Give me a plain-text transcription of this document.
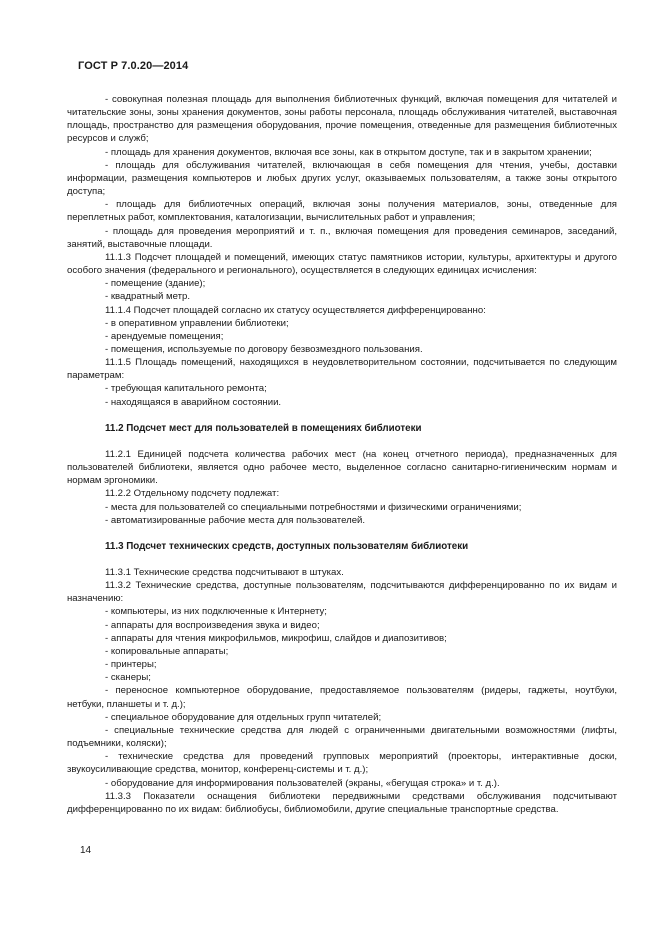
ГОСТ Р 7.0.20—2014

- совокупная полезная площадь для выполнения библиотечных функций, включая помещения для читателей и читательские зоны, зоны хранения документов, зоны работы персонала, площадь обслуживания читателей, выставочная площадь, пространство для размещения оборудования, прочие помещения, отведенные для размещения библиотечных ресурсов и служб;

- площадь для хранения документов, включая все зоны, как в открытом доступе, так и в закрытом хранении;

- площадь для обслуживания читателей, включающая в себя помещения для чтения, учебы, доставки информации, размещения компьютеров и любых других услуг, оказываемых пользователям, а также зоны открытого доступа;

- площадь для библиотечных операций, включая зоны получения материалов, зоны, отведенные для переплетных работ, комплектования, каталогизации, вычислительных работ и управления;

- площадь для проведения мероприятий и т. п., включая помещения для проведения семинаров, заседаний, занятий, выставочные площади.

11.1.3 Подсчет площадей и помещений, имеющих статус памятников истории, культуры, архитектуры и другого особого значения (федерального и регионального), осуществляется в следующих единицах исчисления:

- помещение (здание);

- квадратный метр.

11.1.4 Подсчет площадей согласно их статусу осуществляется дифференцированно:

- в оперативном управлении библиотеки;

- арендуемые помещения;

- помещения, используемые по договору безвозмездного пользования.

11.1.5 Площадь помещений, находящихся в неудовлетворительном состоянии, подсчитывается по следующим параметрам:

- требующая капитального ремонта;

- находящаяся в аварийном состоянии.

11.2 Подсчет мест для пользователей в помещениях библиотеки

11.2.1 Единицей подсчета количества рабочих мест (на конец отчетного периода), предназначенных для пользователей библиотеки, является одно рабочее место, выделенное согласно санитарно-гигиеническим нормам и нормам эргономики.

11.2.2 Отдельному подсчету подлежат:

- места для пользователей со специальными потребностями и физическими ограничениями;

- автоматизированные рабочие места для пользователей.

11.3 Подсчет технических средств, доступных пользователям библиотеки

11.3.1 Технические средства подсчитывают в штуках.

11.3.2 Технические средства, доступные пользователям, подсчитываются дифференцированно по их видам и назначению:

- компьютеры, из них подключенные к Интернету;

- аппараты для воспроизведения звука и видео;

- аппараты для чтения микрофильмов, микрофиш, слайдов и диапозитивов;

- копировальные аппараты;

- принтеры;

- сканеры;

- переносное компьютерное оборудование, предоставляемое пользователям (ридеры, гаджеты, ноутбуки, нетбуки, планшеты и т. д.);

- специальное оборудование для отдельных групп читателей;

- специальные технические средства для людей с ограниченными двигательными возможностями (лифты, подъемники, коляски);

- технические средства для проведений групповых мероприятий (проекторы, интерактивные доски, звукоусиливающие средства, монитор, конференц-системы и т. д.);

- оборудование для информирования пользователей (экраны, «бегущая строка» и т. д.).

11.3.3 Показатели оснащения библиотеки передвижными средствами обслуживания подсчитывают дифференцированно по их видам: библиобусы, библиомобили, другие специальные транспортные средства.

14
